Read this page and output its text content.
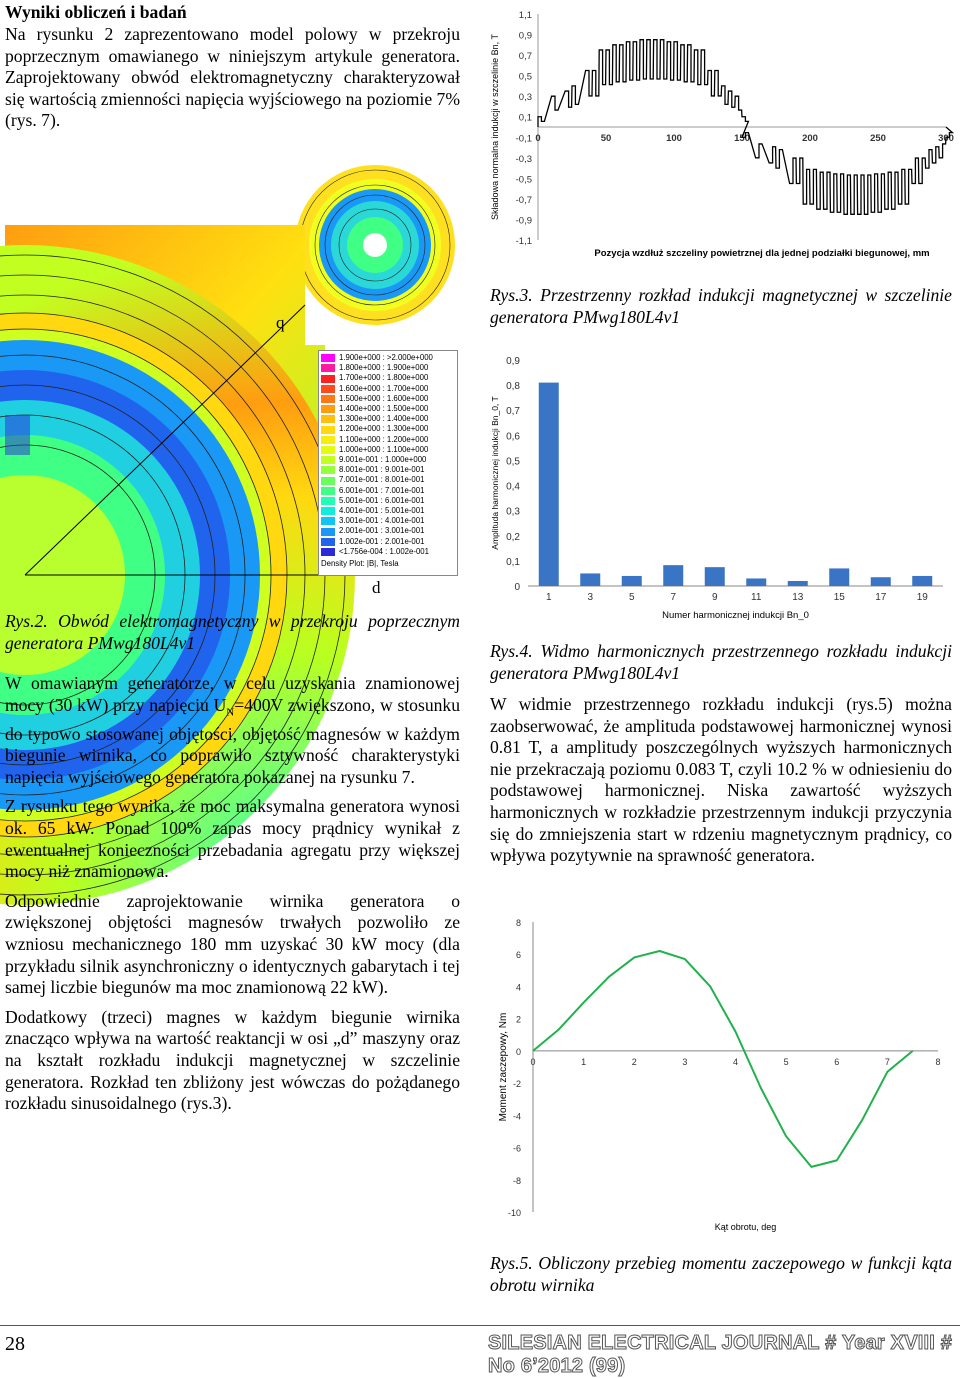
Wyniki obliczeń i badań
Na rysunku 2 zaprezentowano model polowy w przekroju poprzecznym omawianego w niniejszym artykule generatora. Zaprojektowany obwód elektromagnetyczny charakteryzował się wartością zmienności napięcia wyjściowego na poziomie 7% (rys. 7).
q
d
1.900e+000 : >2.000e+000
1.800e+000 : 1.900e+000
1.700e+000 : 1.800e+000
1.600e+000 : 1.700e+000
1.500e+000 : 1.600e+000
1.400e+000 : 1.500e+000
1.300e+000 : 1.400e+000
1.200e+000 : 1.300e+000
1.100e+000 : 1.200e+000
1.000e+000 : 1.100e+000
9.001e-001 : 1.000e+000
8.001e-001 : 9.001e-001
7.001e-001 : 8.001e-001
6.001e-001 : 7.001e-001
5.001e-001 : 6.001e-001
4.001e-001 : 5.001e-001
3.001e-001 : 4.001e-001
2.001e-001 : 3.001e-001
1.002e-001 : 2.001e-001
<1.756e-004 : 1.002e-001
Density Plot: |B|, Tesla
Rys.2. Obwód elektromagnetyczny w przekroju poprzecznym generatora PMwg180L4v1

W omawianym generatorze, w celu uzyskania znamionowej mocy (30 kW) przy napięciu $U_N=400V$ zwiększono, w stosunku do typowo stosowanej objętości, objętość magnesów w każdym biegunie wirnika, co poprawiło sztywność charakterystyki napięcia wyjściowego generatora pokazanej na rysunku 7.

Z rysunku tego wynika, że moc maksymalna generatora wynosi ok. 65 kW. Ponad 100% zapas mocy prądnicy wynikał z ewentualnej konieczności przebadania agregatu przy większej mocy niż znamionowa.

Odpowiednie zaprojektowanie wirnika generatora o zwiększonej objętości magnesów trwałych pozwoliło ze wzniosu mechanicznego 180 mm uzyskać 30 kW mocy (dla przykładu silnik asynchroniczny o identycznych gabarytach i tej samej liczbie biegunów ma moc znamionową 22 kW).

Dodatkowy (trzeci) magnes w każdym biegunie wirnika znacząco wpływa na wartość reaktancji w osi „d” maszyny oraz na kształt rozkładu indukcji magnetycznej w szczelinie generatora. Rozkład ten zbliżony jest wówczas do pożądanego rozkładu sinusoidalnego (rys.3).

1,1
0,9
0,7
0,5
0,3
0,1
-0,1
-0,3
-0,5
-0,7
-0,9
-1,1
0	50	100	150	200	250	300
Składowa normalna indukcji w szczelinie Bn, T
Pozycja wzdłuż szczeliny powietrznej dla jednej podziałki biegunowej, mm
Rys.3. Przestrzenny rozkład indukcji magnetycznej w szczelinie generatora PMwg180L4v1
0
0,1
0,2
0,3
0,4
0,5
0,6
0,7
0,8
0,9
1	3	5	7	9	11	13	15	17	19
Amplituda harmonicznej indukcji Bn_0, T
Numer harmonicznej indukcji Bn_0
Rys.4. Widmo harmonicznych przestrzennego rozkładu indukcji generatora PMwg180L4v1
W widmie przestrzennego rozkładu indukcji (rys.5) można zaobserwować, że amplituda podstawowej harmonicznej wynosi 0.81 T, a amplitudy poszczególnych wyższych harmonicznych nie przekraczają poziomu 0.083 T, czyli 10.2 % w odniesieniu do podstawowej harmonicznej. Niska zawartość wyższych harmonicznych w rozkładzie przestrzennym indukcji przyczynia się do zmniejszenia start w rdzeniu magnetycznym prądnicy, co wpływa pozytywnie na sprawność generatora.
8
6
4
2
0
-2
-4
-6
-8
-10
0	1	2	3	4	5	6	7	8
Moment zaczepowy, Nm
Kąt obrotu, deg
Rys.5. Obliczony przebieg momentu zaczepowego w funkcji kąta obrotu wirnika
28	SILESIAN ELECTRICAL JOURNAL # Year XVIII # No 6’2012 (99)
